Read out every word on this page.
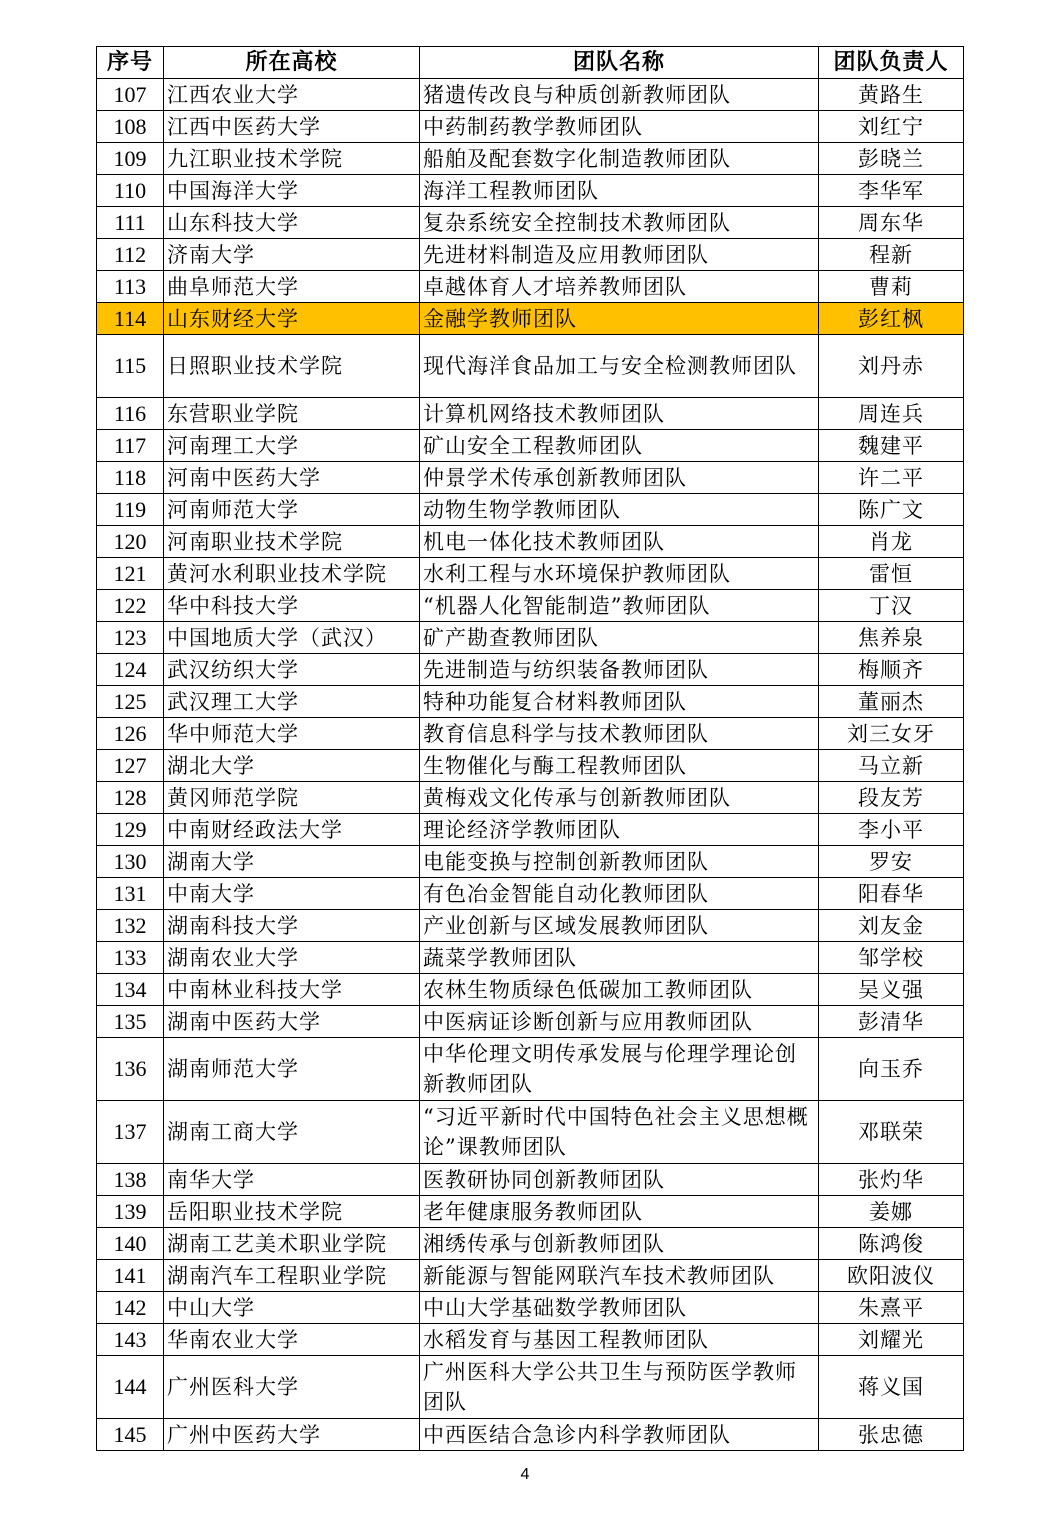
序号	所在高校	团队名称	团队负责人
107	江西农业大学	猪遗传改良与种质创新教师团队	黄路生
108	江西中医药大学	中药制药教学教师团队	刘红宁
109	九江职业技术学院	船舶及配套数字化制造教师团队	彭晓兰
110	中国海洋大学	海洋工程教师团队	李华军
111	山东科技大学	复杂系统安全控制技术教师团队	周东华
112	济南大学	先进材料制造及应用教师团队	程新
113	曲阜师范大学	卓越体育人才培养教师团队	曹莉
114	山东财经大学	金融学教师团队	彭红枫
115	日照职业技术学院	现代海洋食品加工与安全检测教师团队	刘丹赤
116	东营职业学院	计算机网络技术教师团队	周连兵
117	河南理工大学	矿山安全工程教师团队	魏建平
118	河南中医药大学	仲景学术传承创新教师团队	许二平
119	河南师范大学	动物生物学教师团队	陈广文
120	河南职业技术学院	机电一体化技术教师团队	肖龙
121	黄河水利职业技术学院	水利工程与水环境保护教师团队	雷恒
122	华中科技大学	“机器人化智能制造”教师团队	丁汉
123	中国地质大学（武汉）	矿产勘查教师团队	焦养泉
124	武汉纺织大学	先进制造与纺织装备教师团队	梅顺齐
125	武汉理工大学	特种功能复合材料教师团队	董丽杰
126	华中师范大学	教育信息科学与技术教师团队	刘三女牙
127	湖北大学	生物催化与酶工程教师团队	马立新
128	黄冈师范学院	黄梅戏文化传承与创新教师团队	段友芳
129	中南财经政法大学	理论经济学教师团队	李小平
130	湖南大学	电能变换与控制创新教师团队	罗安
131	中南大学	有色冶金智能自动化教师团队	阳春华
132	湖南科技大学	产业创新与区域发展教师团队	刘友金
133	湖南农业大学	蔬菜学教师团队	邹学校
134	中南林业科技大学	农林生物质绿色低碳加工教师团队	吴义强
135	湖南中医药大学	中医病证诊断创新与应用教师团队	彭清华
136	湖南师范大学	中华伦理文明传承发展与伦理学理论创新教师团队	向玉乔
137	湖南工商大学	“习近平新时代中国特色社会主义思想概论”课教师团队	邓联荣
138	南华大学	医教研协同创新教师团队	张灼华
139	岳阳职业技术学院	老年健康服务教师团队	姜娜
140	湖南工艺美术职业学院	湘绣传承与创新教师团队	陈鸿俊
141	湖南汽车工程职业学院	新能源与智能网联汽车技术教师团队	欧阳波仪
142	中山大学	中山大学基础数学教师团队	朱熹平
143	华南农业大学	水稻发育与基因工程教师团队	刘耀光
144	广州医科大学	广州医科大学公共卫生与预防医学教师团队	蒋义国
145	广州中医药大学	中西医结合急诊内科学教师团队	张忠德
4
